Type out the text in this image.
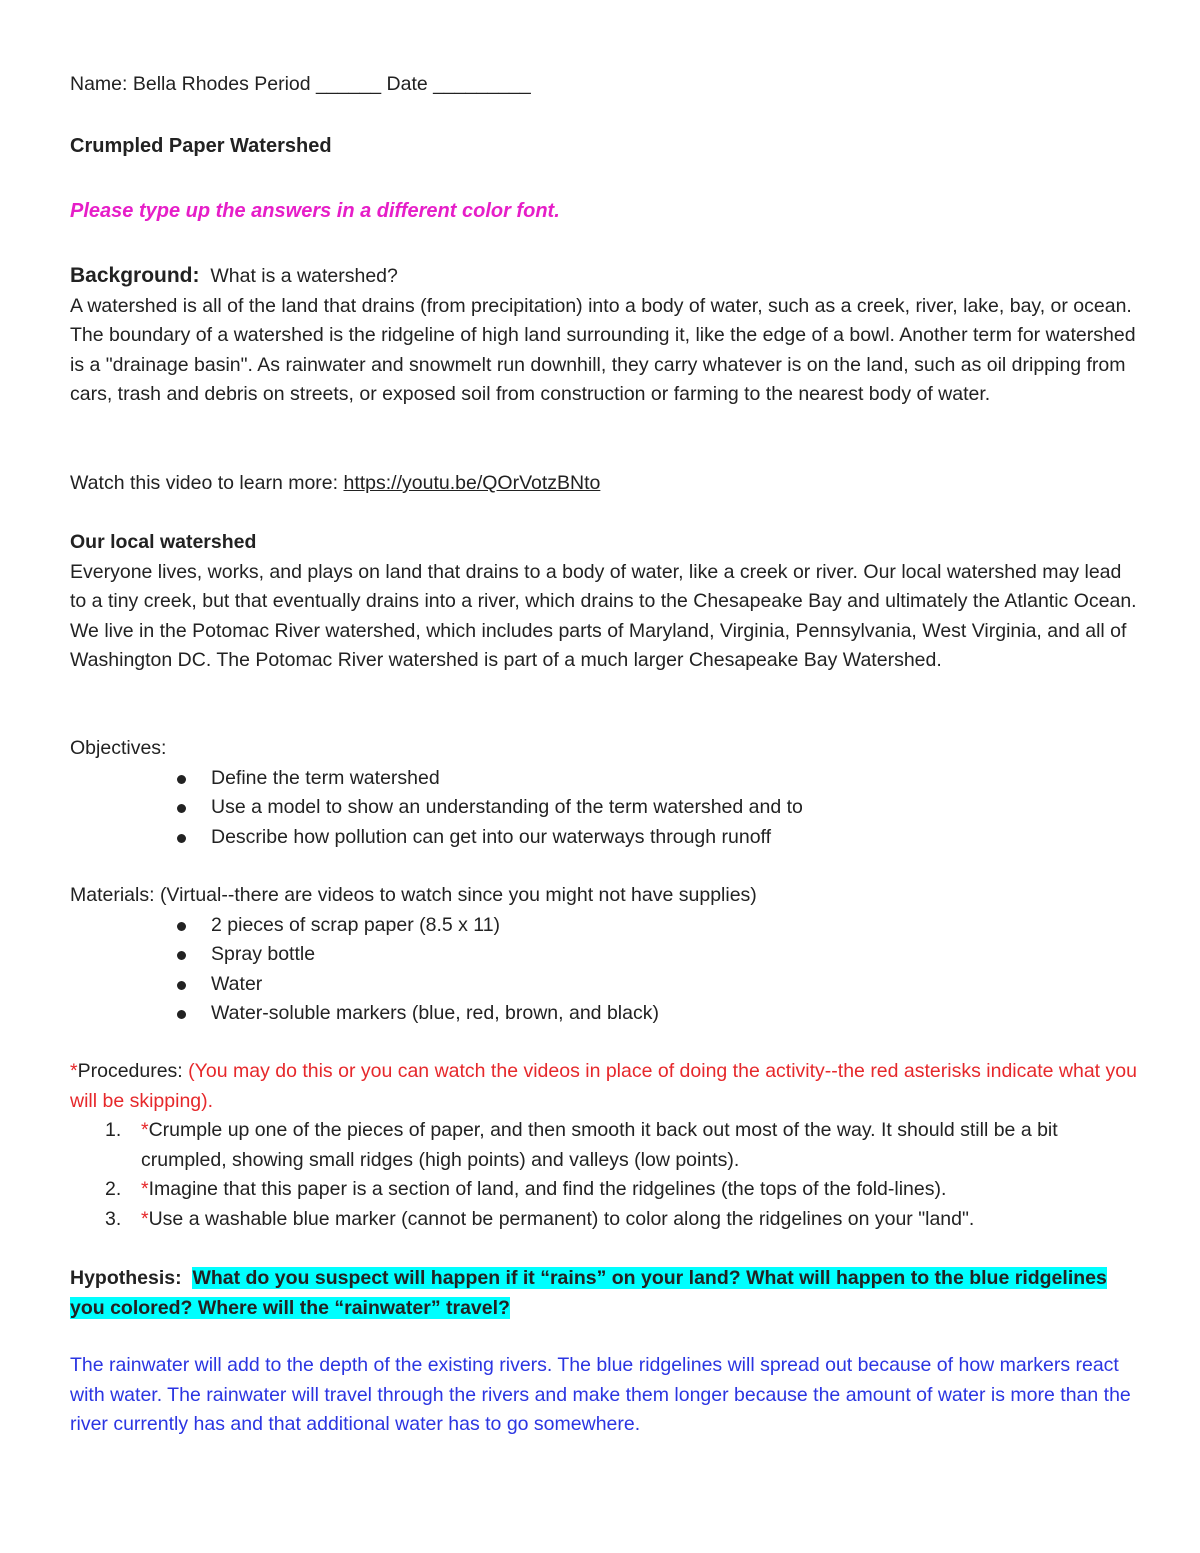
Name: Bella Rhodes Period ______ Date _________

Crumpled Paper Watershed

Please type up the answers in a different color font.

Background: What is a watershed?
A watershed is all of the land that drains (from precipitation) into a body of water, such as a creek, river, lake, bay, or ocean. The boundary of a watershed is the ridgeline of high land surrounding it, like the edge of a bowl. Another term for watershed is a "drainage basin". As rainwater and snowmelt run downhill, they carry whatever is on the land, such as oil dripping from cars, trash and debris on streets, or exposed soil from construction or farming to the nearest body of water.

Watch this video to learn more: https://youtu.be/QOrVotzBNto

Our local watershed
Everyone lives, works, and plays on land that drains to a body of water, like a creek or river. Our local watershed may lead to a tiny creek, but that eventually drains into a river, which drains to the Chesapeake Bay and ultimately the Atlantic Ocean. We live in the Potomac River watershed, which includes parts of Maryland, Virginia, Pennsylvania, West Virginia, and all of Washington DC. The Potomac River watershed is part of a much larger Chesapeake Bay Watershed.
Objectives:
Define the term watershed
Use a model to show an understanding of the term watershed and to
Describe how pollution can get into our waterways through runoff
Materials: (Virtual--there are videos to watch since you might not have supplies)
2 pieces of scrap paper (8.5 x 11)
Spray bottle
Water
Water-soluble markers (blue, red, brown, and black)
*Procedures: (You may do this or you can watch the videos in place of doing the activity--the red asterisks indicate what you will be skipping).
1. *Crumple up one of the pieces of paper, and then smooth it back out most of the way. It should still be a bit crumpled, showing small ridges (high points) and valleys (low points).
2. *Imagine that this paper is a section of land, and find the ridgelines (the tops of the fold-lines).
3. *Use a washable blue marker (cannot be permanent) to color along the ridgelines on your "land".

Hypothesis: What do you suspect will happen if it “rains” on your land? What will happen to the blue ridgelines you colored? Where will the “rainwater” travel?

The rainwater will add to the depth of the existing rivers. The blue ridgelines will spread out because of how markers react with water. The rainwater will travel through the rivers and make them longer because the amount of water is more than the river currently has and that additional water has to go somewhere.
